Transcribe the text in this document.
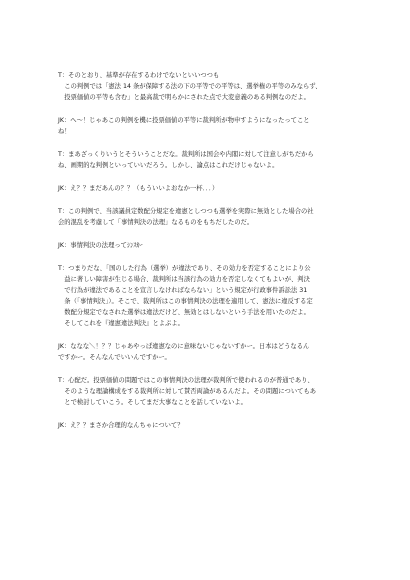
T：そのとおり、基準が存在するわけでないといいつつも
　この判例では「憲法 14 条が保障する法の下の平等での平等は、選挙権の平等のみならず、
　投票価値の平等も含む」と最高裁で明らかにされた点で大変意義のある判例なのだよ。

JK：へ〜！じゃあこの判例を機に投票価値の平等に裁判所が物申すようになったってこと
ね！

T：まあざっくりいうとそういうことだな。裁判所は国会や内閣に対して注意しがちだから
ね、画期的な判例といっていいだろう。しかし、論点はこれだけじゃないよ。

JK：え？？まだあんの？？（もういいよおなか一杯．．．）

T：この判例で、当該議員定数配分規定を違憲としつつも選挙を実際に無効とした場合の社
会的混乱を考慮して「事情判決の法理」なるものをもちだしたのだ。

JK：事情判決の法理ってｼﾝｽｶｰ

T：つまりだな、「国のした行為（選挙）が違法であり、その効力を否定することにより公
　益に著しい障害が生じる場合、裁判所は当該行為の効力を否定しなくてもよいが、判決
　で行為が違法であることを宣言しなければならない」という規定が行政事件訴訟法 31
　条（「事情判決」）。そこで、裁判所はこの事情判決の法理を適用して、憲法に違反する定
　数配分規定でなされた選挙は違法だけど、無効とはしないという手法を用いたのだよ。
　そしてこれを『違憲違法判決』とよぶよ。

JK：ななな＼！？？じゃあやっぱ違憲なのに意味ないじゃないすかー。日本はどうなるん
ですかー。そんなんでいいんですかー。

T：心配だ。投票価値の問題ではこの事情判決の法理が裁判所で使われるのが普通であり、
　そのような理論構成をする裁判所に対して賛否両論があるんだよ。その問題についてもあ
　とで検討していこう。そしてまだ大事なことを話していないよ。

JK：え？？まさか合理的なんちゃについて？
